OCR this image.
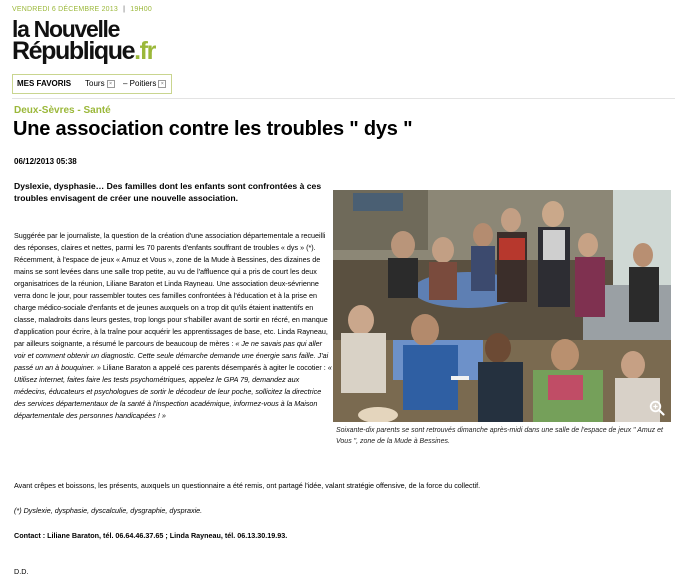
VENDREDI 6 DÉCEMBRE 2013 | 19H00
la Nouvelle
République.fr
MES FAVORIS Tours ×	– Poitiers ×
Deux-Sèvres - Santé
Une association contre les troubles " dys "
06/12/2013 05:38

Dyslexie, dysphasie… Des familles dont les enfants sont confrontées à ces troubles envisagent de créer une nouvelle association.

Suggérée par le journaliste, la question de la création d'une association départementale a recueilli des réponses, claires et nettes, parmi les 70 parents d'enfants souffrant de troubles « dys » (*). Récemment, à l'espace de jeux « Amuz et Vous », zone de la Mude à Bessines, des dizaines de mains se sont levées dans une salle trop petite, au vu de l'affluence qui a pris de court les deux organisatrices de la réunion, Liliane Baraton et Linda Rayneau. Une association deux-sévrienne verra donc le jour, pour rassembler toutes ces familles confrontées à l'éducation et à la prise en charge médico-sociale d'enfants et de jeunes auxquels on a trop dit qu'ils étaient inattentifs en classe, maladroits dans leurs gestes, trop longs pour s'habiller avant de sortir en récré, en manque d'application pour écrire, à la traîne pour acquérir les apprentissages de base, etc. Linda Rayneau, par ailleurs soignante, a résumé le parcours de beaucoup de mères : « Je ne savais pas qui aller voir et comment obtenir un diagnostic. Cette seule démarche demande une énergie sans faille. J'ai passé un an à bouquiner. » Liliane Baraton a appelé ces parents désemparés à agiter le cocotier : « Utilisez internet, faites faire les tests psychométriques, appelez le GPA 79, demandez aux médecins, éducateurs et psychologues de sortir le décodeur de leur poche, sollicitez la directrice des services départementaux de la santé à l'inspection académique, informez-vous à la Maison départementale des personnes handicapées ! »

Soixante-dix parents se sont retrouvés dimanche après-midi dans une salle de l'espace de jeux " Amuz et Vous ", zone de la Mude à Bessines.

Avant crêpes et boissons, les présents, auxquels un questionnaire a été remis, ont partagé l'idée, valant stratégie offensive, de la force du collectif.

(*) Dyslexie, dysphasie, dyscalculie, dysgraphie, dyspraxie.

Contact : Liliane Baraton, tél. 06.64.46.37.65 ; Linda Rayneau, tél. 06.13.30.19.93.

D.D.
